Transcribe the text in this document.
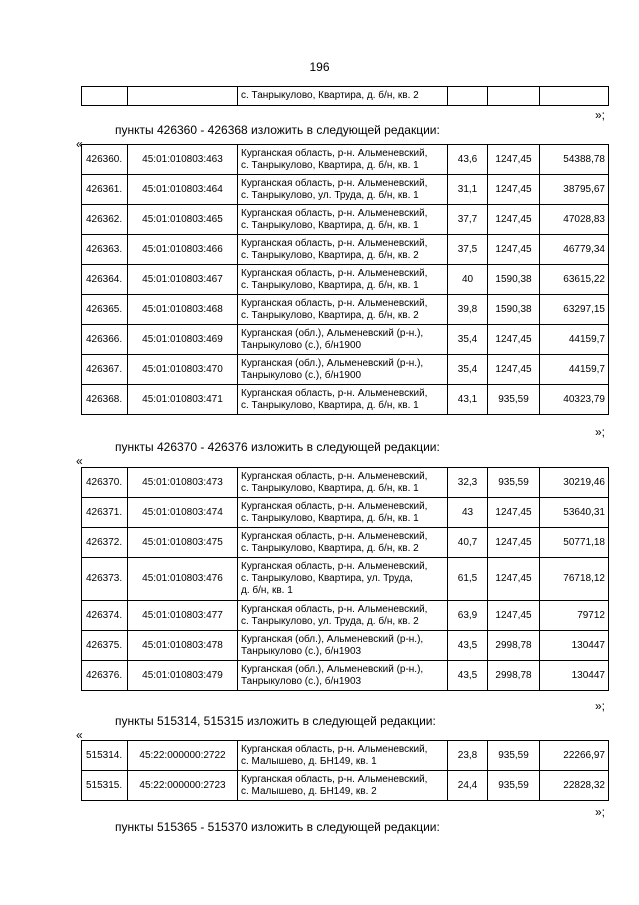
196
		с. Танрыкулово, Квартира, д. б/н, кв. 2			
»;
пункты 426360 - 426368 изложить в следующей редакции:
«
426360.	45:01:010803:463	Курганская область, р-н. Альменевский,
с. Танрыкулово, Квартира, д. б/н, кв. 1	43,6	1247,45	54388,78
426361.	45:01:010803:464	Курганская область, р-н. Альменевский,
с. Танрыкулово, ул. Труда, д. б/н, кв. 1	31,1	1247,45	38795,67
426362.	45:01:010803:465	Курганская область, р-н. Альменевский,
с. Танрыкулово, Квартира, д. б/н, кв. 1	37,7	1247,45	47028,83
426363.	45:01:010803:466	Курганская область, р-н. Альменевский,
с. Танрыкулово, Квартира, д. б/н, кв. 2	37,5	1247,45	46779,34
426364.	45:01:010803:467	Курганская область, р-н. Альменевский,
с. Танрыкулово, Квартира, д. б/н, кв. 1	40	1590,38	63615,22
426365.	45:01:010803:468	Курганская область, р-н. Альменевский,
с. Танрыкулово, Квартира, д. б/н, кв. 2	39,8	1590,38	63297,15
426366.	45:01:010803:469	Курганская (обл.), Альменевский (р-н.),
Танрыкулово (с.), б/н1900	35,4	1247,45	44159,7
426367.	45:01:010803:470	Курганская (обл.), Альменевский (р-н.),
Танрыкулово (с.), б/н1900	35,4	1247,45	44159,7
426368.	45:01:010803:471	Курганская область, р-н. Альменевский,
с. Танрыкулово, Квартира, д. б/н, кв. 1	43,1	935,59	40323,79
»;
пункты 426370 - 426376 изложить в следующей редакции:
«
426370.	45:01:010803:473	Курганская область, р-н. Альменевский,
с. Танрыкулово, Квартира, д. б/н, кв. 1	32,3	935,59	30219,46
426371.	45:01:010803:474	Курганская область, р-н. Альменевский,
с. Танрыкулово, Квартира, д. б/н, кв. 1	43	1247,45	53640,31
426372.	45:01:010803:475	Курганская область, р-н. Альменевский,
с. Танрыкулово, Квартира, д. б/н, кв. 2	40,7	1247,45	50771,18
426373.	45:01:010803:476	Курганская область, р-н. Альменевский,
с. Танрыкулово, Квартира, ул. Труда,
д. б/н, кв. 1	61,5	1247,45	76718,12
426374.	45:01:010803:477	Курганская область, р-н. Альменевский,
с. Танрыкулово, ул. Труда, д. б/н, кв. 2	63,9	1247,45	79712
426375.	45:01:010803:478	Курганская (обл.), Альменевский (р-н.),
Танрыкулово (с.), б/н1903	43,5	2998,78	130447
426376.	45:01:010803:479	Курганская (обл.), Альменевский (р-н.),
Танрыкулово (с.), б/н1903	43,5	2998,78	130447
»;
пункты 515314, 515315 изложить в следующей редакции:
«
515314.	45:22:000000:2722	Курганская область, р-н. Альменевский,
с. Малышево, д. БН149, кв. 1	23,8	935,59	22266,97
515315.	45:22:000000:2723	Курганская область, р-н. Альменевский,
с. Малышево, д. БН149, кв. 2	24,4	935,59	22828,32
»;
пункты 515365 - 515370 изложить в следующей редакции:
